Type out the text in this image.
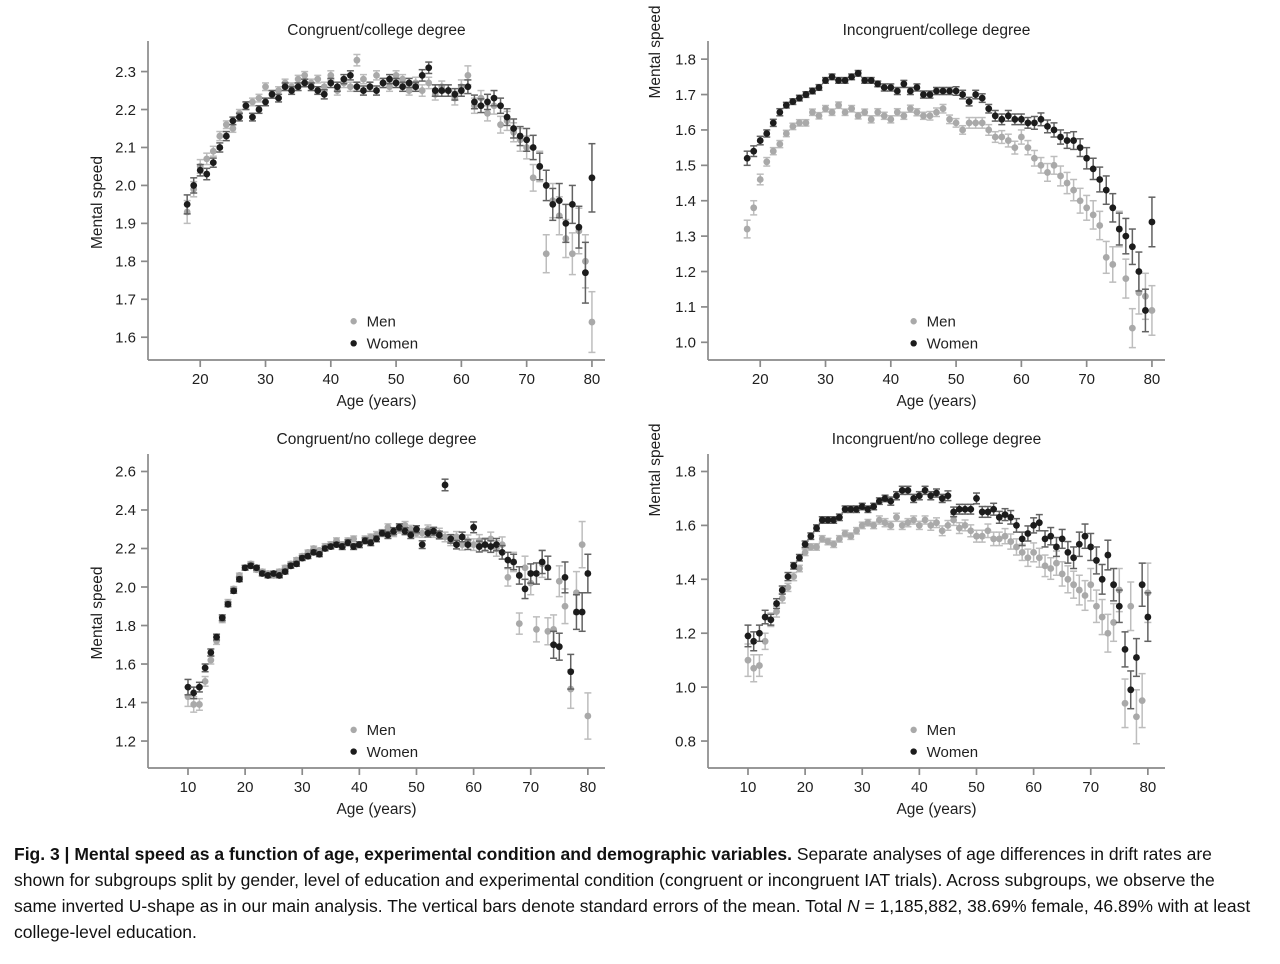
1.6
1.7
1.8
1.9
2.0
2.1
2.2
2.3
20	30	40	50	60	70	80
Congruent/college degree
Age (years)
Mental speed
Men
Women	1.0
1.1
1.2
1.3
1.4
1.5
1.6
1.7
1.8
20	30	40	50	60	70	80
Incongruent/college degree
Age (years)
Mental speed
Men
Women
1.2
1.4
1.6
1.8
2.0
2.2
2.4
2.6
10	20	30	40	50	60	70	80
Congruent/no college degree
Age (years)
Mental speed
Men
Women
0.8
1.0
1.2
1.4
1.6
1.8
10	20	30	40	50	60	70	80
Incongruent/no college degree
Age (years)
Mental speed
Men
Women

Fig. 3 | Mental speed as a function of age, experimental condition and demographic variables. Separate analyses of age differences in drift rates are shown for subgroups split by gender, level of education and experimental condition (congruent or incongruent IAT trials). Across subgroups, we observe the same inverted U-shape as in our main analysis. The vertical bars denote standard errors of the mean. Total N = 1,185,882, 38.69% female, 46.89% with at least college-level education.
